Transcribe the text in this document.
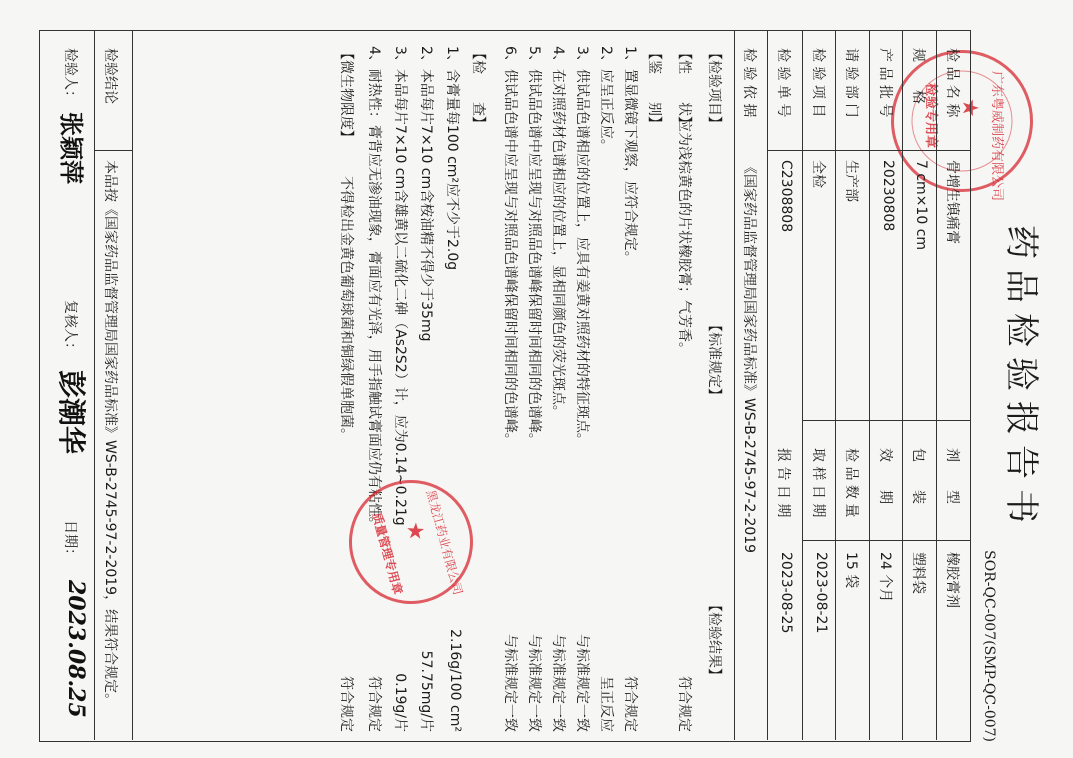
药品检验报告书
SOR-QC-007(SMP-QC-007)
广东粤威制药有限公司
★
检验专用章 检 品 名 称
骨增生镇痛膏
剂　　型
橡胶膏剂
规　　格
7 cm×10 cm
包　　装
塑料袋
产 品 批 号
20230808
效　　期
24 个月
请 验 部 门
生产部
检 品 数 量
15 袋
检 验 项 目
全检
取 样 日 期
2023-08-21
检 验 单 号
C2308808
报 告 日 期
2023-08-25
检 验 依 据
《国家药品监督管理局国家药品标准》WS-B-2745-97-2-2019
【检验项目】
【标准规定】
【检验结果】
【性　　状】
应为浅棕黄色的片状橡胶膏；气芳香。
符合规定
【鉴　　别】
1、置显微镜下观察，应符合规定。
符合规定
2、应呈正反应。
呈正反应
3、供试品色谱相应的位置上，应具有姜黄对照药材的特征斑点。
与标准规定一致
4、在对照药材色谱相应的位置上，显相同颜色的荧光斑点。
与标准规定一致
5、供试品色谱中应呈现与对照品色谱峰保留时间相同的色谱峰。
与标准规定一致
6、供试品色谱中应呈现与对照品色谱峰保留时间相同的色谱峰。
与标准规定一致
【检　　查】
1、含膏量每100 cm²应不少于2.0g
2.16g/100 cm²
2、本品每片7×10 cm含桉油精不得少于35mg
57.75mg/片
3、本品每片7×10 cm含雄黄以二硫化二砷（As2S2）计，应为0.14~0.21g
0.19g/片
4、耐热性：膏背应无渗油现象，膏面应有光泽，用手指触试膏面应仍有粘性。
符合规定
【微生物限度】
不得检出金黄色葡萄球菌和铜绿假单胞菌。
符合规定
检验结论
本品按《国家药品监督管理局国家药品标准》WS-B-2745-97-2-2019，结果符合规定。
检验人：
张颖萍
复核人：
彭潮华
日期：
2023.08.25
黑龙江药业有限公司
★
质量管理专用章
